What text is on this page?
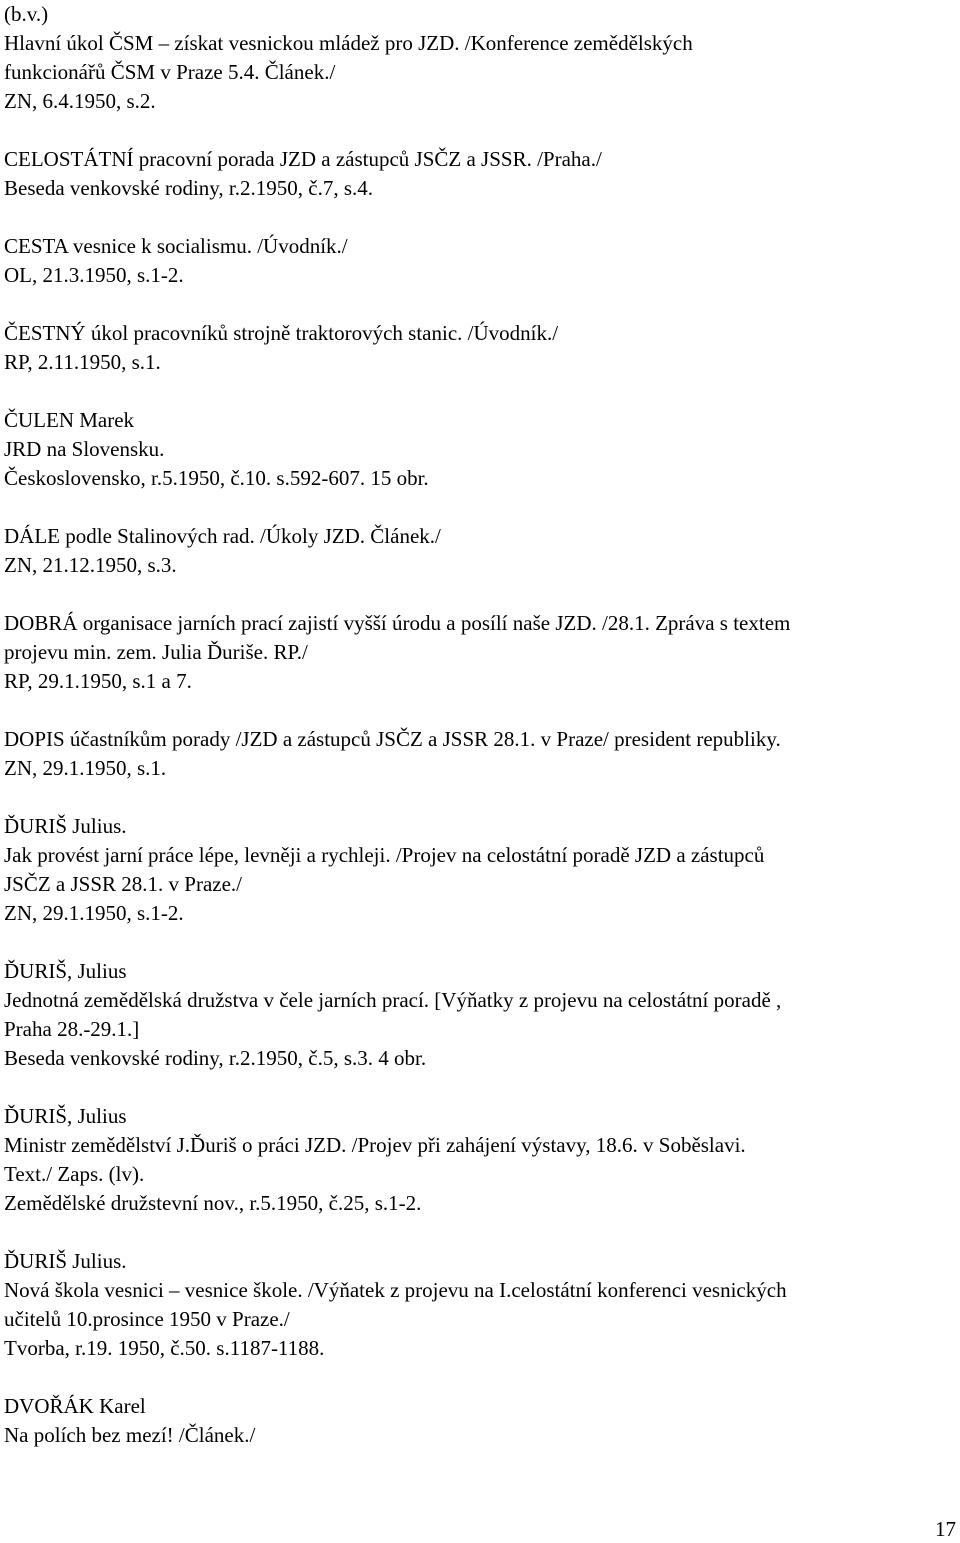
(b.v.)
Hlavní úkol ČSM – získat vesnickou mládež pro JZD. /Konference zemědělských
funkcionářů ČSM v Praze 5.4. Článek./
ZN, 6.4.1950, s.2.
CELOSTÁTNÍ pracovní porada JZD a zástupců JSČZ a JSSR. /Praha./
Beseda venkovské rodiny, r.2.1950, č.7, s.4.
CESTA vesnice k socialismu. /Úvodník./
OL, 21.3.1950, s.1-2.
ČESTNÝ úkol pracovníků strojně traktorových stanic. /Úvodník./
RP, 2.11.1950, s.1.
ČULEN Marek
JRD na Slovensku.
Československo, r.5.1950, č.10. s.592-607. 15 obr.
DÁLE podle Stalinových rad. /Úkoly JZD. Článek./
ZN, 21.12.1950, s.3.
DOBRÁ organisace jarních prací zajistí vyšší úrodu a posílí naše JZD. /28.1. Zpráva s textem
projevu min. zem. Julia Ďuriše. RP./
RP, 29.1.1950, s.1 a 7.
DOPIS účastníkům porady /JZD a zástupců JSČZ a JSSR 28.1. v Praze/ president republiky.
ZN, 29.1.1950, s.1.
ĎURIŠ Julius.
Jak provést jarní práce lépe, levněji a rychleji. /Projev na celostátní poradě JZD a zástupců
JSČZ a JSSR 28.1. v Praze./
ZN, 29.1.1950, s.1-2.
ĎURIŠ, Julius
Jednotná zemědělská družstva v čele jarních prací. [Výňatky z projevu na celostátní poradě ,
Praha 28.-29.1.]
Beseda venkovské rodiny, r.2.1950, č.5, s.3. 4 obr.
ĎURIŠ, Julius
Ministr zemědělství J.Ďuriš o práci JZD. /Projev při zahájení výstavy, 18.6. v Soběslavi.
Text./ Zaps. (lv).
Zemědělské družstevní nov., r.5.1950, č.25, s.1-2.
ĎURIŠ Julius.
Nová škola vesnici – vesnice škole. /Výňatek z projevu na I.celostátní konferenci vesnických
učitelů 10.prosince 1950 v Praze./
Tvorba, r.19. 1950, č.50. s.1187-1188.
DVOŘÁK Karel
Na polích bez mezí! /Článek./
17
